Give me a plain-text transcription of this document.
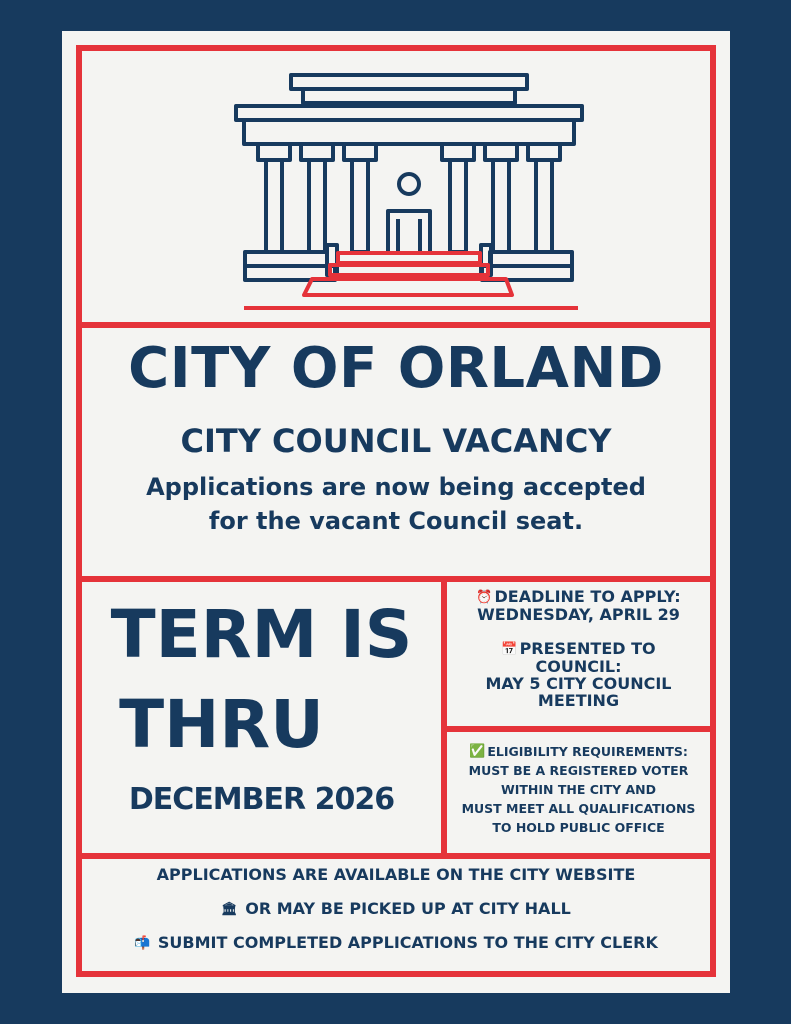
CITY OF ORLAND
CITY COUNCIL VACANCY
Applications are now being accepted
for the vacant Council seat.
TERM IS
THRU
DECEMBER 2026
⏰ DEADLINE TO APPLY:
WEDNESDAY, APRIL 29
📅 PRESENTED TO
COUNCIL:
MAY 5 CITY COUNCIL
MEETING
✅ ELIGIBILITY REQUIREMENTS:
MUST BE A REGISTERED VOTER
WITHIN THE CITY AND
MUST MEET ALL QUALIFICATIONS
TO HOLD PUBLIC OFFICE
APPLICATIONS ARE AVAILABLE ON THE CITY WEBSITE
🏛 OR MAY BE PICKED UP AT CITY HALL
📬 SUBMIT COMPLETED APPLICATIONS TO THE CITY CLERK
